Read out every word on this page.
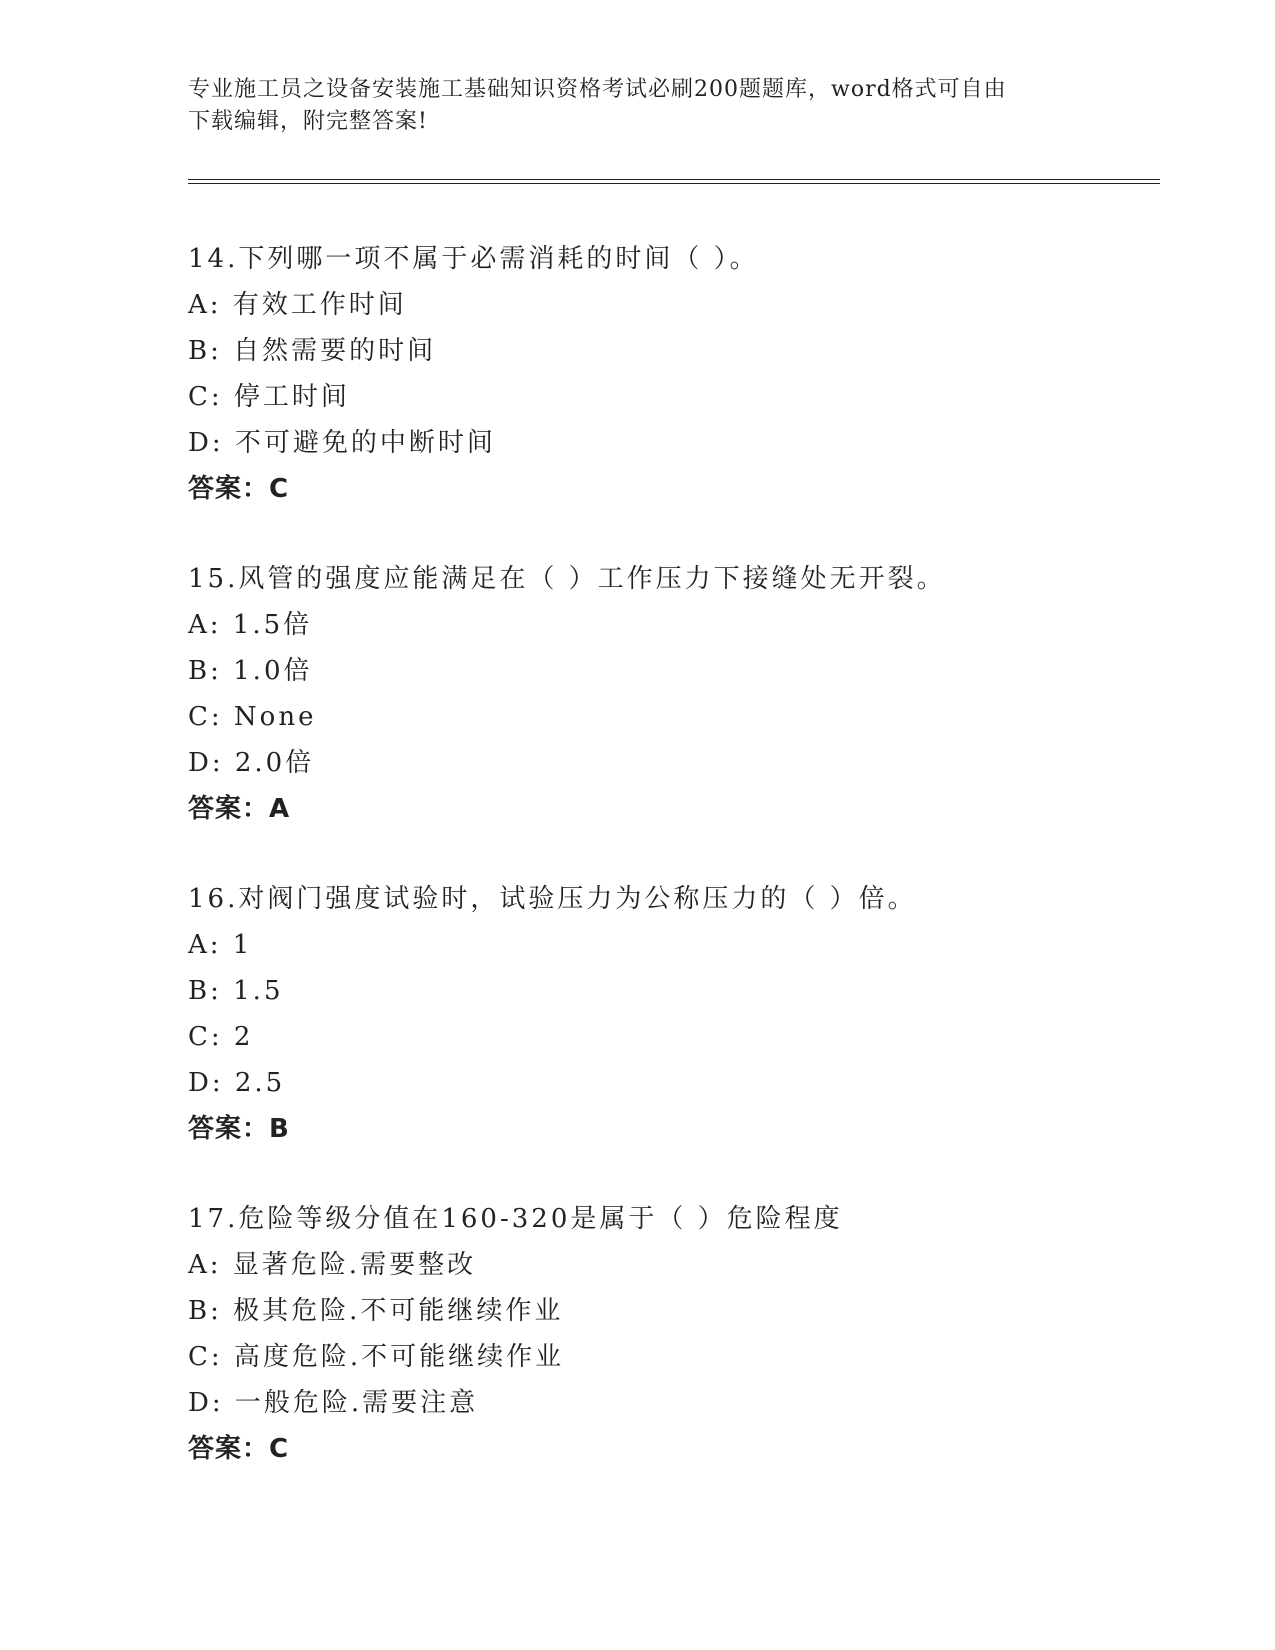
专业施工员之设备安装施工基础知识资格考试必刷200题题库，word格式可自由
下载编辑，附完整答案!
14.下列哪一项不属于必需消耗的时间（ ）。
A: 有效工作时间
B: 自然需要的时间
C: 停工时间
D: 不可避免的中断时间
答案：C
15.风管的强度应能满足在（ ）工作压力下接缝处无开裂。
A: 1.5倍
B: 1.0倍
C: None
D: 2.0倍
答案：A
16.对阀门强度试验时，试验压力为公称压力的（ ）倍。
A: 1
B: 1.5
C: 2
D: 2.5
答案：B
17.危险等级分值在160-320是属于（ ）危险程度
A: 显著危险.需要整改
B: 极其危险.不可能继续作业
C: 高度危险.不可能继续作业
D: 一般危险.需要注意
答案：C
